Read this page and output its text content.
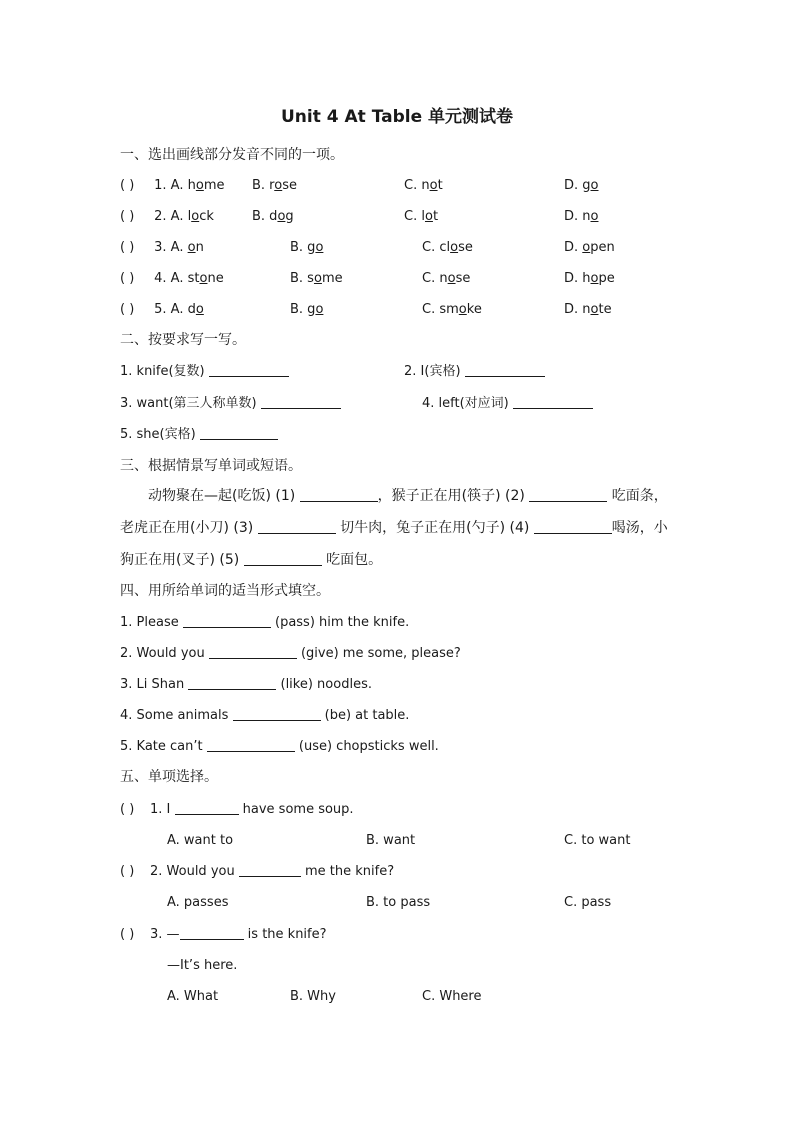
Unit 4 At Table 单元测试卷
一、选出画线部分发音不同的一项。
( ) 1. A. home B. rose	C. not	D. go
( ) 2. A. lock	B. dog	C. lot	D. no
( ) 3. A. on	B. go	C. close	D. open
( ) 4. A. stone	B. some	C. nose	D. hope
( ) 5. A. do	B. go	C. smoke	D. note
二、按要求写一写。
1. knife(复数)	2. I(宾格)
3. want(第三人称单数)	4. left(对应词)
5. she(宾格)
三、根据情景写单词或短语。
动物聚在—起(吃饭) (1)	，猴子正在用(筷子) (2)	吃面条，老虎正在用(小刀) (3)	切牛肉，兔子正在用(勺子) (4)	喝汤，小狗正在用(叉子) (5)	吃面包。
四、用所给单词的适当形式填空。
1. Please	(pass) him the knife.
2. Would you	(give) me some, please?
3. Li Shan	(like) noodles.
4. Some animals	(be) at table.
5. Kate can’t	(use) chopsticks well.
五、单项选择。
( ) 1. I	have some soup.
A. want to	B. want	C. to want
( ) 2. Would you	me the knife?
A. passes	B. to pass	C. pass
( ) 3. —	is the knife?
—It’s here.
A. What	B. Why	C. Where
